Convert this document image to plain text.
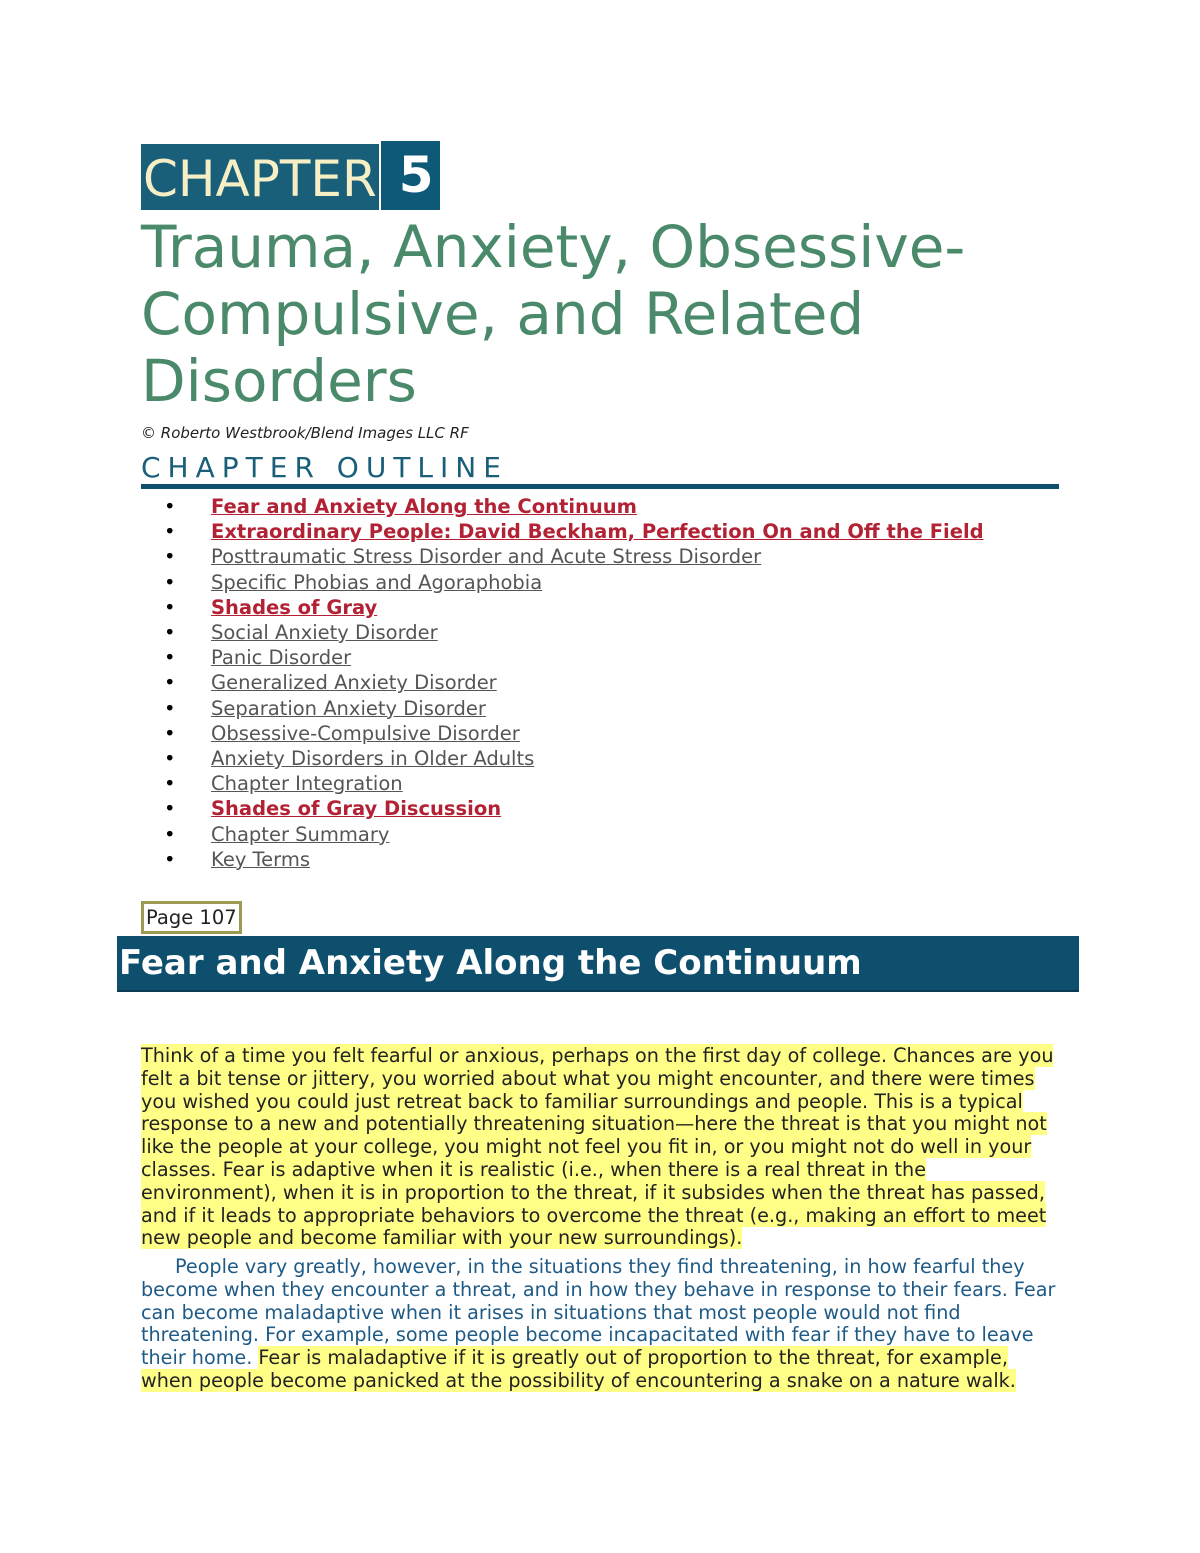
CHAPTER 5
Trauma, Anxiety, Obsessive-Compulsive, and Related Disorders
© Roberto Westbrook/Blend Images LLC RF
CHAPTER OUTLINE
• Fear and Anxiety Along the Continuum
• Extraordinary People: David Beckham, Perfection On and Off the Field
• Posttraumatic Stress Disorder and Acute Stress Disorder
• Specific Phobias and Agoraphobia
• Shades of Gray
• Social Anxiety Disorder
• Panic Disorder
• Generalized Anxiety Disorder
• Separation Anxiety Disorder
• Obsessive-Compulsive Disorder
• Anxiety Disorders in Older Adults
• Chapter Integration
• Shades of Gray Discussion
• Chapter Summary
• Key Terms
Page 107
Fear and Anxiety Along the Continuum

Think of a time you felt fearful or anxious, perhaps on the first day of college. Chances are you felt a bit tense or jittery, you worried about what you might encounter, and there were times you wished you could just retreat back to familiar surroundings and people. This is a typical response to a new and potentially threatening situation—here the threat is that you might not like the people at your college, you might not feel you fit in, or you might not do well in your classes. Fear is adaptive when it is realistic (i.e., when there is a real threat in the environment), when it is in proportion to the threat, if it subsides when the threat has passed, and if it leads to appropriate behaviors to overcome the threat (e.g., making an effort to meet new people and become familiar with your new surroundings).

People vary greatly, however, in the situations they find threatening, in how fearful they become when they encounter a threat, and in how they behave in response to their fears. Fear can become maladaptive when it arises in situations that most people would not find threatening. For example, some people become incapacitated with fear if they have to leave their home. Fear is maladaptive if it is greatly out of proportion to the threat, for example, when people become panicked at the possibility of encountering a snake on a nature walk.
